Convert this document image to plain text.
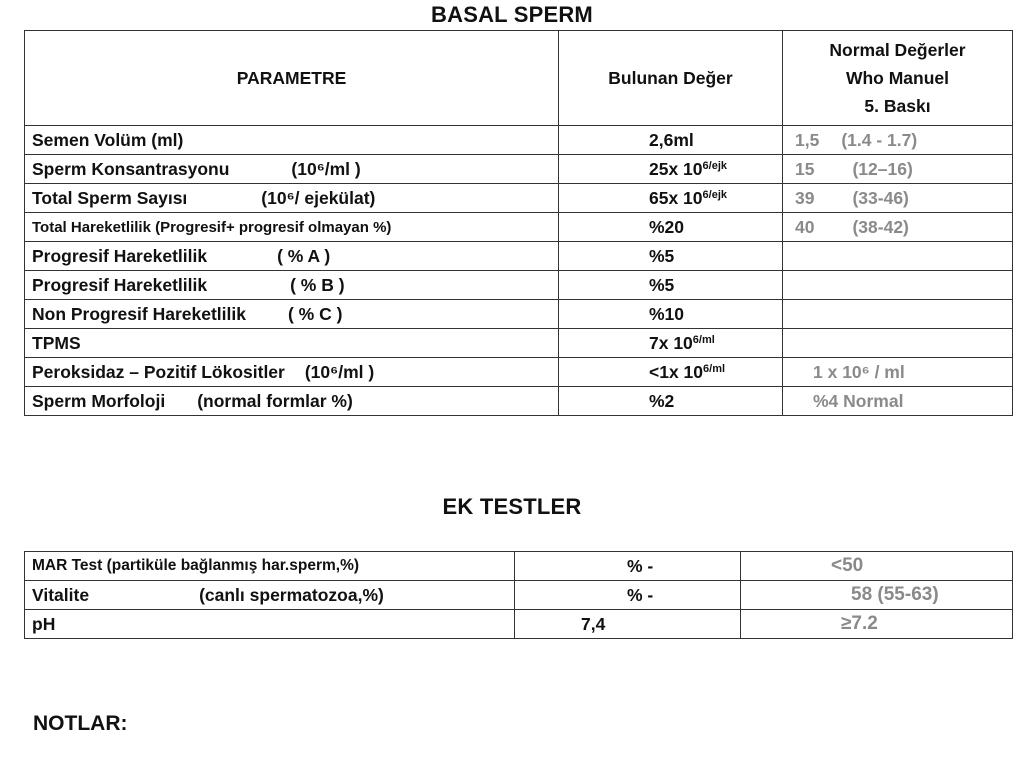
BASAL SPERM
PARAMETRE	Bulunan Değer	Normal Değerler
Who Manuel
5. Baskı

Semen Volüm (ml)	2,6ml	1,5 (1.4 - 1.7)
Sperm Konsantrasyonu (10⁶/ml )	25x $10^{6/ejk}$	15 (12–16)
Total Sperm Sayısı (10⁶/ ejekülat)	65x $10^{6/ejk}$	39 (33-46)
Total Hareketlilik (Progresif+ progresif olmayan %)	%20	40 (38-42)
Progresif Hareketlilik ( % A )	%5	
Progresif Hareketlilik ( % B )	%5	
Non Progresif Hareketlilik ( % C )	%10	
TPMS	7x $10^{6/ml}$	
Peroksidaz – Pozitif Lökositler (10⁶/ml )	<1x $10^{6/ml}$	1 x 10⁶ / ml
Sperm Morfoloji (normal formlar %)	%2	%4 Normal
EK TESTLER
MAR Test (partiküle bağlanmış har.sperm,%)	% -	<50
Vitalite (canlı spermatozoa,%)	% -	58 (55-63)
pH	7,4	≥7.2
NOTLAR:
